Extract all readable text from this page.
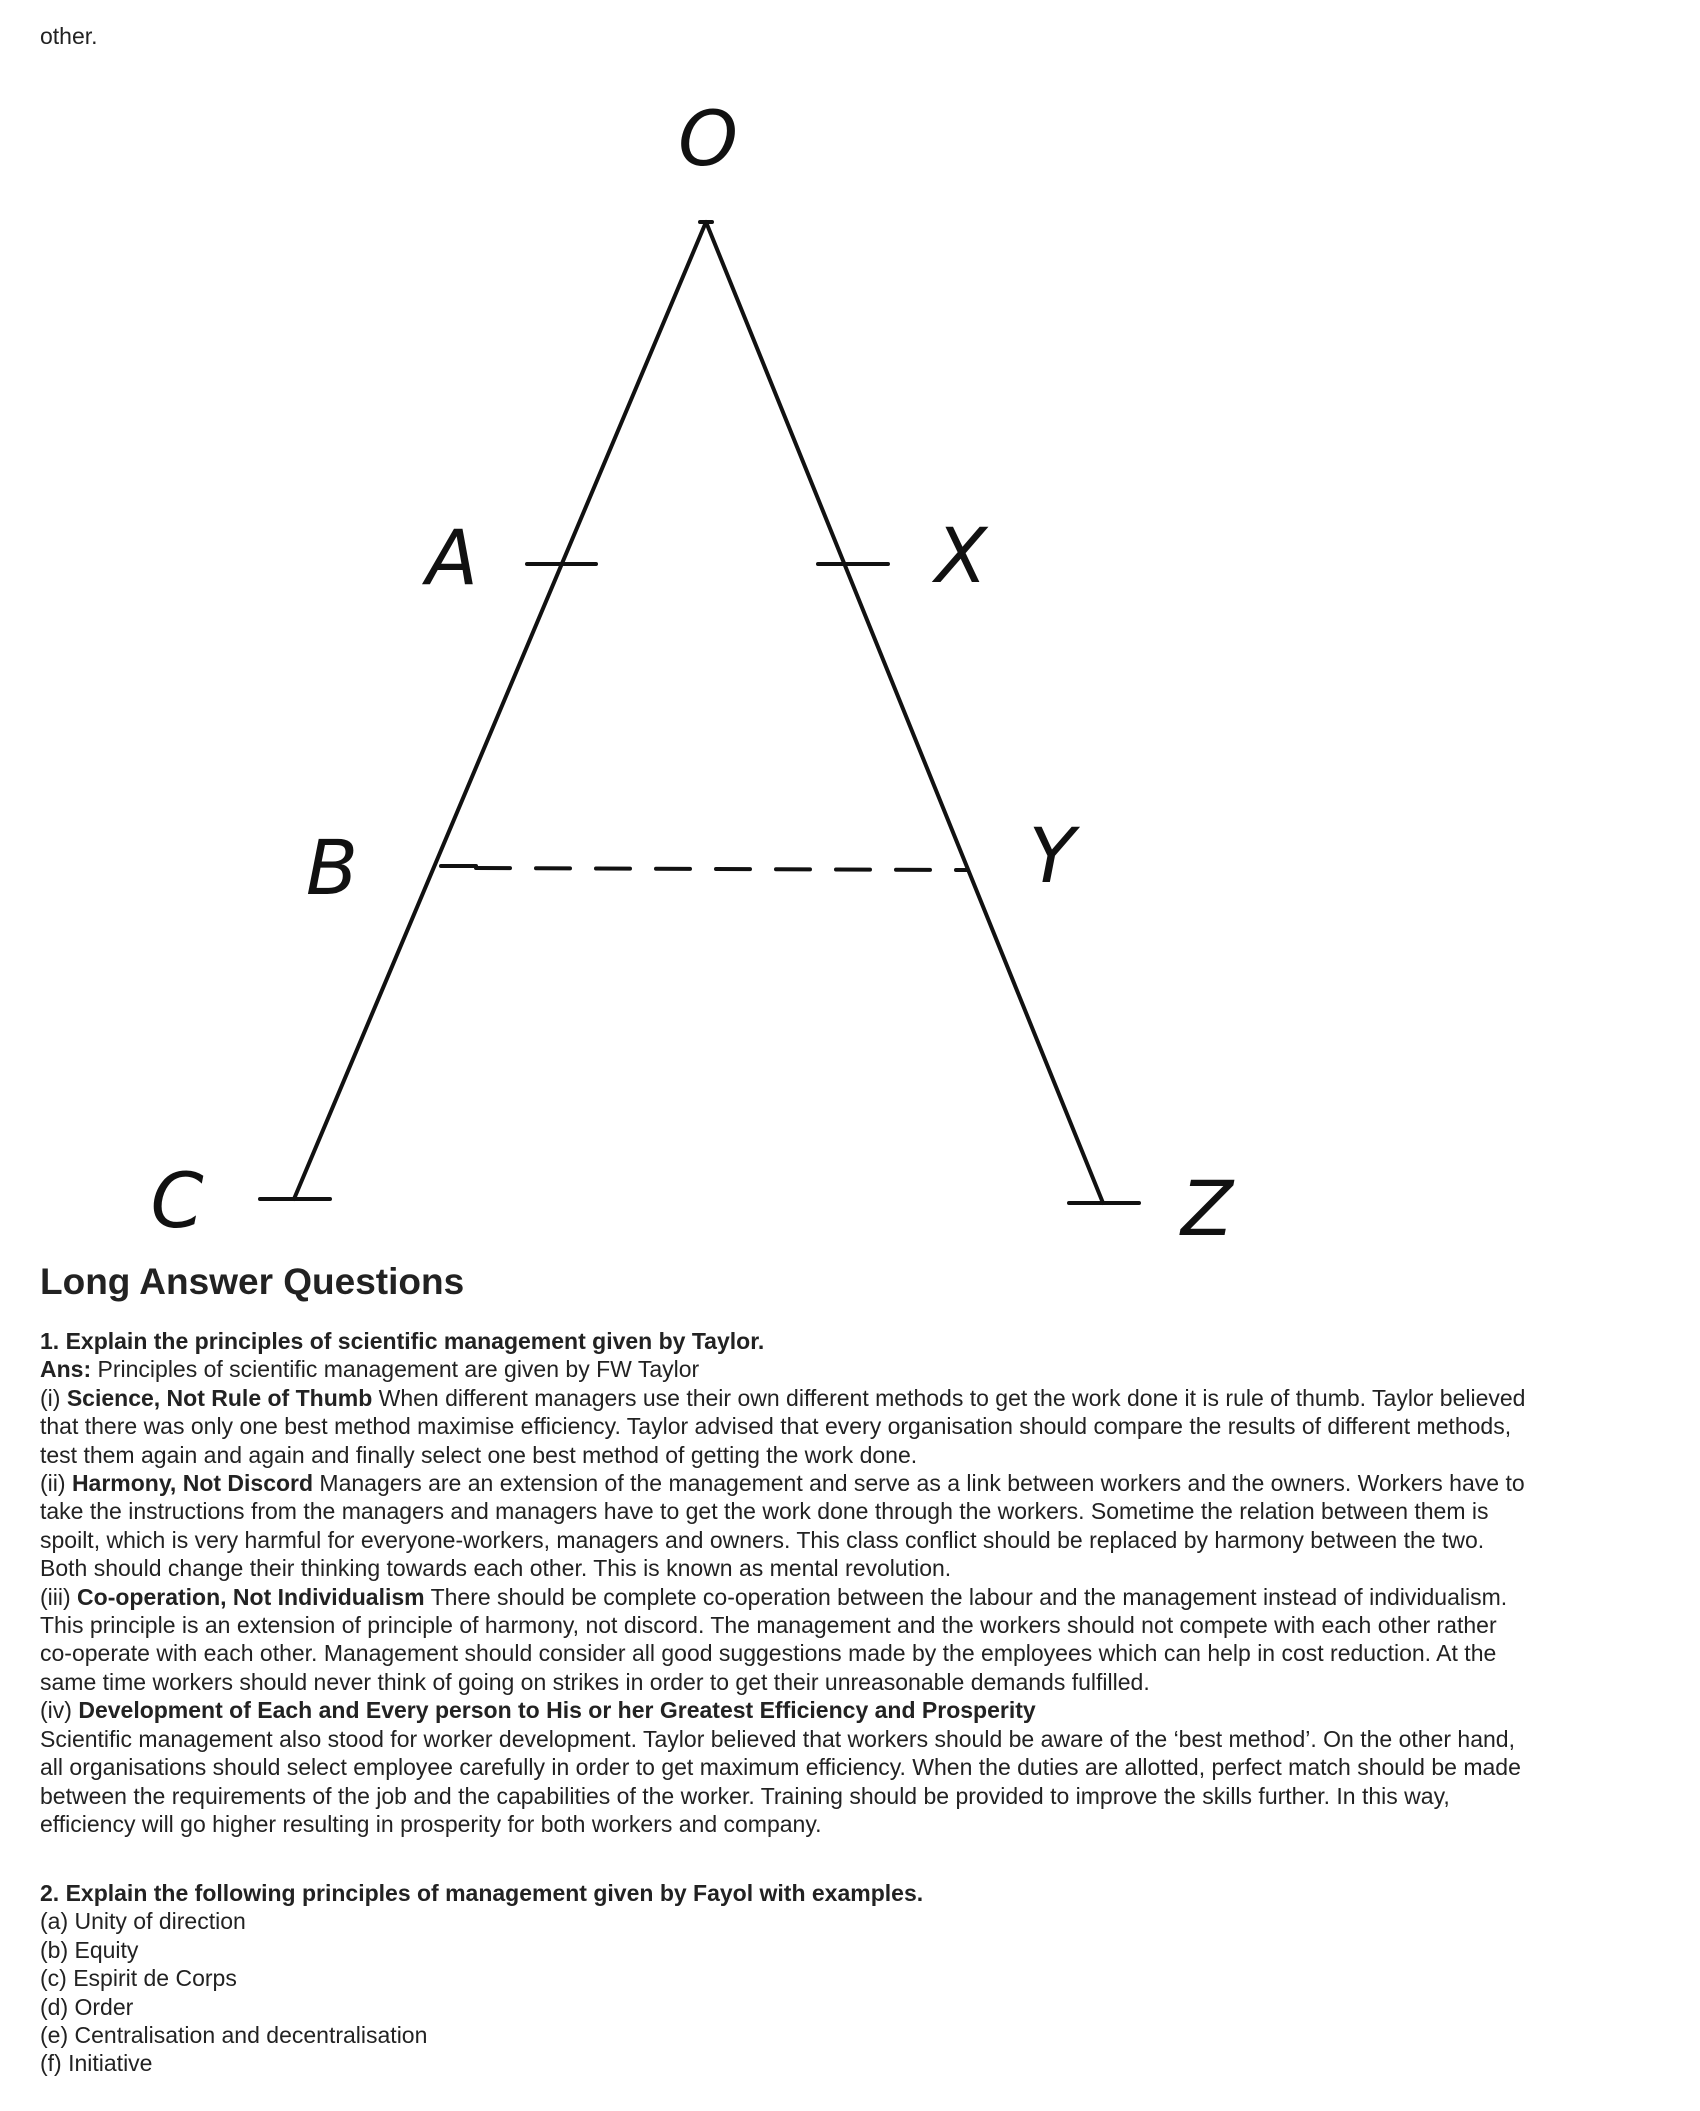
other.
O
A	X
B	Y
C	Z
Long Answer Questions
1. Explain the principles of scientific management given by Taylor.
Ans: Principles of scientific management are given by FW Taylor
(i) Science, Not Rule of Thumb When different managers use their own different methods to get the work done it is rule of thumb. Taylor believed
that there was only one best method maximise efficiency. Taylor advised that every organisation should compare the results of different methods,
test them again and again and finally select one best method of getting the work done.
(ii) Harmony, Not Discord Managers are an extension of the management and serve as a link between workers and the owners. Workers have to
take the instructions from the managers and managers have to get the work done through the workers. Sometime the relation between them is
spoilt, which is very harmful for everyone-workers, managers and owners. This class conflict should be replaced by harmony between the two.
Both should change their thinking towards each other. This is known as mental revolution.
(iii) Co-operation, Not Individualism There should be complete co-operation between the labour and the management instead of individualism.
This principle is an extension of principle of harmony, not discord. The management and the workers should not compete with each other rather
co-operate with each other. Management should consider all good suggestions made by the employees which can help in cost reduction. At the
same time workers should never think of going on strikes in order to get their unreasonable demands fulfilled.
(iv) Development of Each and Every person to His or her Greatest Efficiency and Prosperity
Scientific management also stood for worker development. Taylor believed that workers should be aware of the ‘best method’. On the other hand,
all organisations should select employee carefully in order to get maximum efficiency. When the duties are allotted, perfect match should be made
between the requirements of the job and the capabilities of the worker. Training should be provided to improve the skills further. In this way,
efficiency will go higher resulting in prosperity for both workers and company.
2. Explain the following principles of management given by Fayol with examples.
(a) Unity of direction
(b) Equity
(c) Espirit de Corps
(d) Order
(e) Centralisation and decentralisation
(f) Initiative
